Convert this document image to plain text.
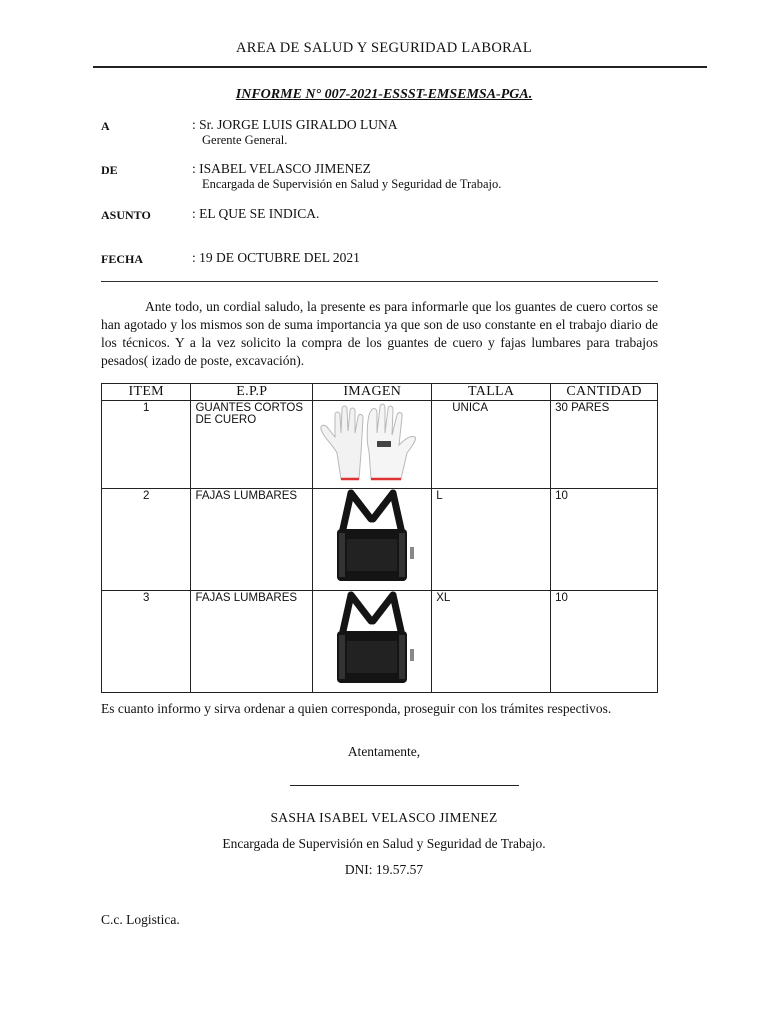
AREA DE SALUD Y SEGURIDAD LABORAL
INFORME N° 007-2021-ESSST-EMSEMSA-PGA.
A	: Sr. JORGE LUIS GIRALDO LUNA
Gerente General.
DE	: ISABEL VELASCO JIMENEZ
Encargada de Supervisión en Salud y Seguridad de Trabajo.
ASUNTO	: EL QUE SE INDICA.
FECHA	: 19 DE OCTUBRE DEL 2021
Ante todo, un cordial saludo, la presente es para informarle que los guantes de cuero cortos se han agotado y los mismos son de suma importancia ya que son de uso constante en el trabajo diario de los técnicos. Y a la vez solicito la compra de los guantes de cuero y fajas lumbares para trabajos pesados( izado de poste, excavación).
ITEM	E.P.P	IMAGEN	TALLA	CANTIDAD
1	GUANTES CORTOS DE CUERO		UNICA	30 PARES
2	FAJAS LUMBARES		L	10
3	FAJAS LUMBARES		XL	10
Es cuanto informo y sirva ordenar a quien corresponda, proseguir con los trámites respectivos.
Atentamente,
SASHA ISABEL VELASCO JIMENEZ
Encargada de Supervisión en Salud y Seguridad de Trabajo.
DNI: 19.57.57
C.c. Logistica.
